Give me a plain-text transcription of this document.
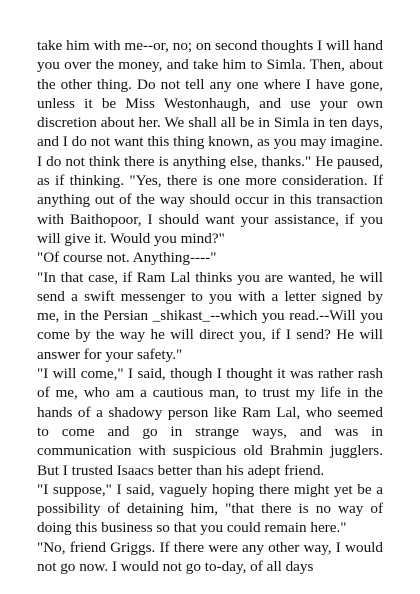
take him with me--or, no; on second thoughts I will hand you over the money, and take him to Simla. Then, about the other thing. Do not tell any one where I have gone, unless it be Miss Westonhaugh, and use your own discretion about her. We shall all be in Simla in ten days, and I do not want this thing known, as you may imagine. I do not think there is anything else, thanks." He paused, as if thinking. "Yes, there is one more consideration. If anything out of the way should occur in this transaction with Baithopoor, I should want your assistance, if you will give it. Would you mind?"

"Of course not. Anything----"

"In that case, if Ram Lal thinks you are wanted, he will send a swift messenger to you with a letter signed by me, in the Persian _shikast_--which you read.--Will you come by the way he will direct you, if I send? He will answer for your safety."

"I will come," I said, though I thought it was rather rash of me, who am a cautious man, to trust my life in the hands of a shadowy person like Ram Lal, who seemed to come and go in strange ways, and was in communication with suspicious old Brahmin jugglers. But I trusted Isaacs better than his adept friend.

"I suppose," I said, vaguely hoping there might yet be a possibility of detaining him, "that there is no way of doing this business so that you could remain here."

"No, friend Griggs. If there were any other way, I would not go now. I would not go to-day, of all days
